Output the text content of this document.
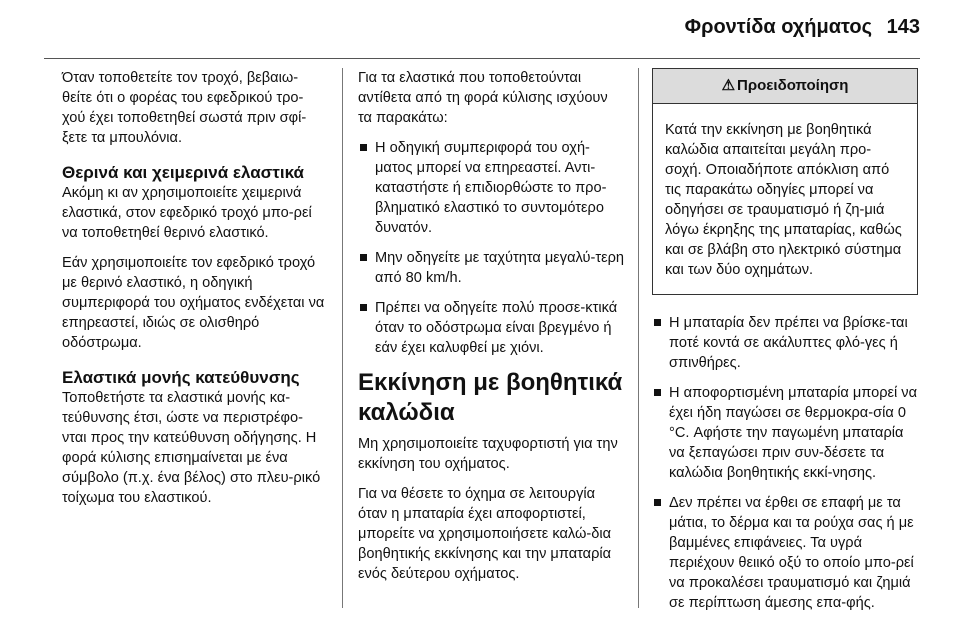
Φροντίδα οχήματος 143

Όταν τοποθετείτε τον τροχό, βεβαιω-θείτε ότι ο φορέας του εφεδρικού τρο-χού έχει τοποθετηθεί σωστά πριν σφί-ξετε τα μπουλόνια.

Θερινά και χειμερινά ελαστικά

Ακόμη κι αν χρησιμοποιείτε χειμερινά ελαστικά, στον εφεδρικό τροχό μπο-ρεί να τοποθετηθεί θερινό ελαστικό.

Εάν χρησιμοποιείτε τον εφεδρικό τροχό με θερινό ελαστικό, η οδηγική συμπεριφορά του οχήματος ενδέχεται να επηρεαστεί, ιδιώς σε ολισθηρό οδόστρωμα.

Ελαστικά μονής κατεύθυνσης

Τοποθετήστε τα ελαστικά μονής κα-τεύθυνσης έτσι, ώστε να περιστρέφο-νται προς την κατεύθυνση οδήγησης. Η φορά κύλισης επισημαίνεται με ένα σύμβολο (π.χ. ένα βέλος) στο πλευ-ρικό τοίχωμα του ελαστικού.

Για τα ελαστικά που τοποθετούνται αντίθετα από τη φορά κύλισης ισχύουν τα παρακάτω:

Η οδηγική συμπεριφορά του οχή-ματος μπορεί να επηρεαστεί. Αντι-καταστήστε ή επιδιορθώστε το προ-βληματικό ελαστικό το συντομότερο δυνατόν.
Μην οδηγείτε με ταχύτητα μεγαλύ-τερη από 80 km/h.
Πρέπει να οδηγείτε πολύ προσε-κτικά όταν το οδόστρωμα είναι βρεγμένο ή εάν έχει καλυφθεί με χιόνι.
Εκκίνηση με βοηθητικά καλώδια

Μη χρησιμοποιείτε ταχυφορτιστή για την εκκίνηση του οχήματος.

Για να θέσετε το όχημα σε λειτουργία όταν η μπαταρία έχει αποφορτιστεί, μπορείτε να χρησιμοποιήσετε καλώ-δια βοηθητικής εκκίνησης και την μπαταρία ενός δεύτερου οχήματος.

⚠ Προειδοποίηση
Κατά την εκκίνηση με βοηθητικά καλώδια απαιτείται μεγάλη προ-σοχή. Οποιαδήποτε απόκλιση από τις παρακάτω οδηγίες μπορεί να οδηγήσει σε τραυματισμό ή ζη-μιά λόγω έκρηξης της μπαταρίας, καθώς και σε βλάβη στο ηλεκτρικό σύστημα και των δύο οχημάτων.
Η μπαταρία δεν πρέπει να βρίσκε-ται ποτέ κοντά σε ακάλυπτες φλό-γες ή σπινθήρες.
Η αποφορτισμένη μπαταρία μπορεί να έχει ήδη παγώσει σε θερμοκρα-σία 0 °C. Αφήστε την παγωμένη μπαταρία να ξεπαγώσει πριν συν-δέσετε τα καλώδια βοηθητικής εκκί-νησης.
Δεν πρέπει να έρθει σε επαφή με τα μάτια, το δέρμα και τα ρούχα σας ή με βαμμένες επιφάνειες. Τα υγρά περιέχουν θειικό οξύ το οποίο μπο-ρεί να προκαλέσει τραυματισμό και ζημιά σε περίπτωση άμεσης επα-φής.
